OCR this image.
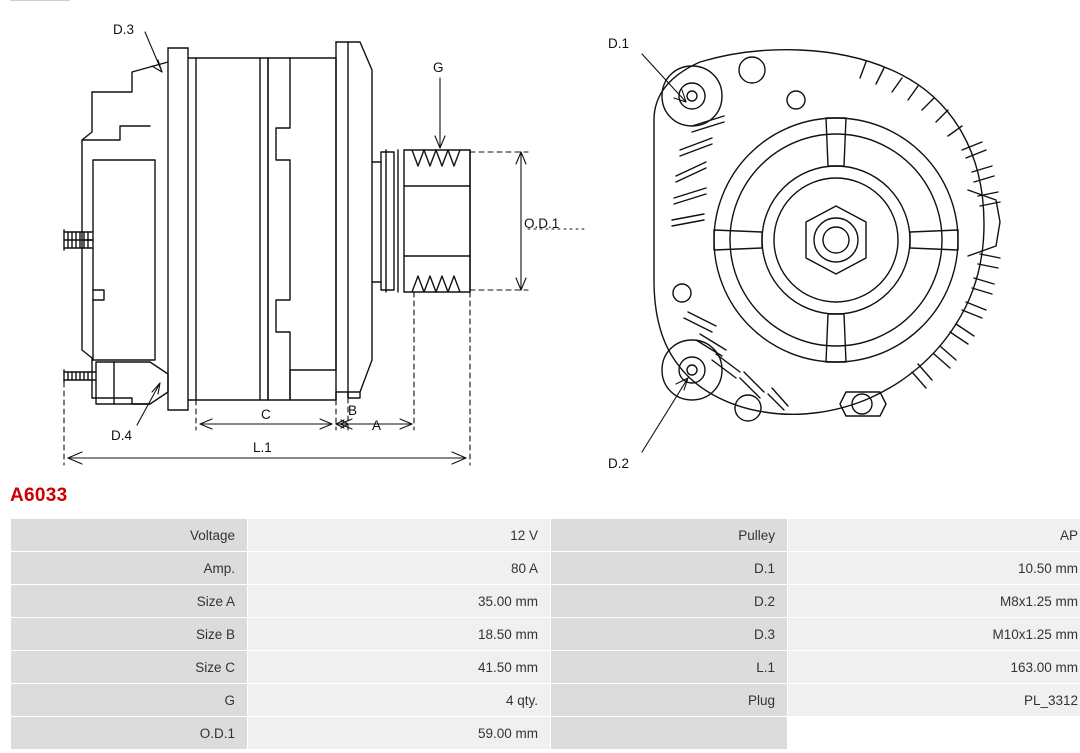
D.3
D.4
G
O.D.1
A
B
C
L.1
D.1
D.2
A6033
Voltage	12 V	Pulley	AP
Amp.	80 A	D.1	10.50 mm
Size A	35.00 mm	D.2	M8x1.25 mm
Size B	18.50 mm	D.3	M10x1.25 mm
Size C	41.50 mm	L.1	163.00 mm
G	4 qty.	Plug	PL_3312
O.D.1	59.00 mm		
